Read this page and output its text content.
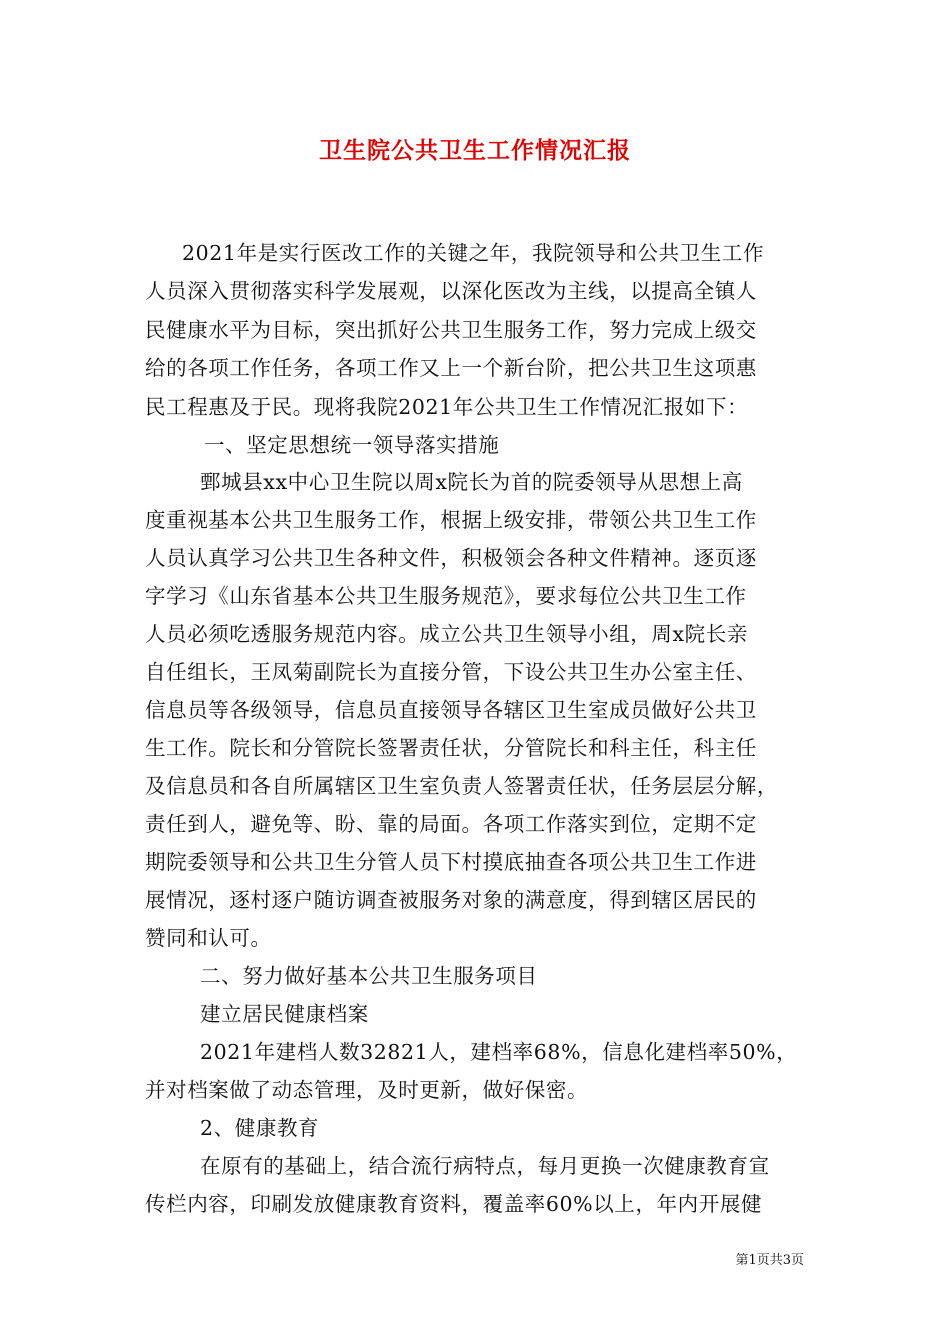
卫生院公共卫生工作情况汇报
2021年是实行医改工作的关键之年，我院领导和公共卫生工作
人员深入贯彻落实科学发展观，以深化医改为主线，以提高全镇人
民健康水平为目标，突出抓好公共卫生服务工作，努力完成上级交
给的各项工作任务，各项工作又上一个新台阶，把公共卫生这项惠
民工程惠及于民。现将我院2021年公共卫生工作情况汇报如下：
一、坚定思想统一领导落实措施
鄄城县xx中心卫生院以周x院长为首的院委领导从思想上高
度重视基本公共卫生服务工作，根据上级安排，带领公共卫生工作
人员认真学习公共卫生各种文件，积极领会各种文件精神。逐页逐
字学习《山东省基本公共卫生服务规范》，要求每位公共卫生工作
人员必须吃透服务规范内容。成立公共卫生领导小组，周x院长亲
自任组长，王凤菊副院长为直接分管，下设公共卫生办公室主任、
信息员等各级领导，信息员直接领导各辖区卫生室成员做好公共卫
生工作。院长和分管院长签署责任状，分管院长和科主任，科主任
及信息员和各自所属辖区卫生室负责人签署责任状，任务层层分解，
责任到人，避免等、盼、靠的局面。各项工作落实到位，定期不定
期院委领导和公共卫生分管人员下村摸底抽查各项公共卫生工作进
展情况，逐村逐户随访调查被服务对象的满意度，得到辖区居民的
赞同和认可。
二、努力做好基本公共卫生服务项目
建立居民健康档案
2021年建档人数32821人，建档率68%，信息化建档率50%，
并对档案做了动态管理，及时更新，做好保密。
2、健康教育
在原有的基础上，结合流行病特点，每月更换一次健康教育宣
传栏内容，印刷发放健康教育资料，覆盖率60%以上，年内开展健
第1页共3页
